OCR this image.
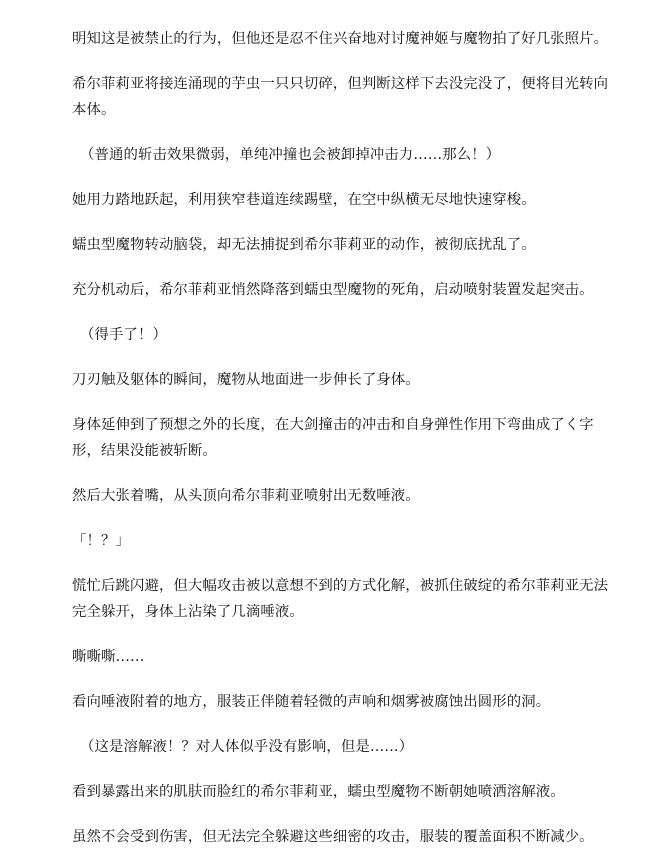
明知这是被禁止的行为，但他还是忍不住兴奋地对讨魔神姬与魔物拍了好几张照片。

希尔菲莉亚将接连涌现的芋虫一只只切碎，但判断这样下去没完没了，便将目光转向本体。

（普通的斩击效果微弱，单纯冲撞也会被卸掉冲击力……那么！）

她用力踏地跃起，利用狭窄巷道连续踢壁，在空中纵横无尽地快速穿梭。

蠕虫型魔物转动脑袋，却无法捕捉到希尔菲莉亚的动作，被彻底扰乱了。

充分机动后，希尔菲莉亚悄然降落到蠕虫型魔物的死角，启动喷射装置发起突击。

（得手了！）

刀刃触及躯体的瞬间，魔物从地面进一步伸长了身体。

身体延伸到了预想之外的长度，在大剑撞击的冲击和自身弹性作用下弯曲成了く字形，结果没能被斩断。

然后大张着嘴，从头顶向希尔菲莉亚喷射出无数唾液。

「！？」

慌忙后跳闪避，但大幅攻击被以意想不到的方式化解，被抓住破绽的希尔菲莉亚无法完全躲开，身体上沾染了几滴唾液。

嘶嘶嘶……

看向唾液附着的地方，服装正伴随着轻微的声响和烟雾被腐蚀出圆形的洞。

（这是溶解液！？对人体似乎没有影响，但是……）

看到暴露出来的肌肤而脸红的希尔菲莉亚，蠕虫型魔物不断朝她喷洒溶解液。

虽然不会受到伤害，但无法完全躲避这些细密的攻击，服装的覆盖面积不断减少。
